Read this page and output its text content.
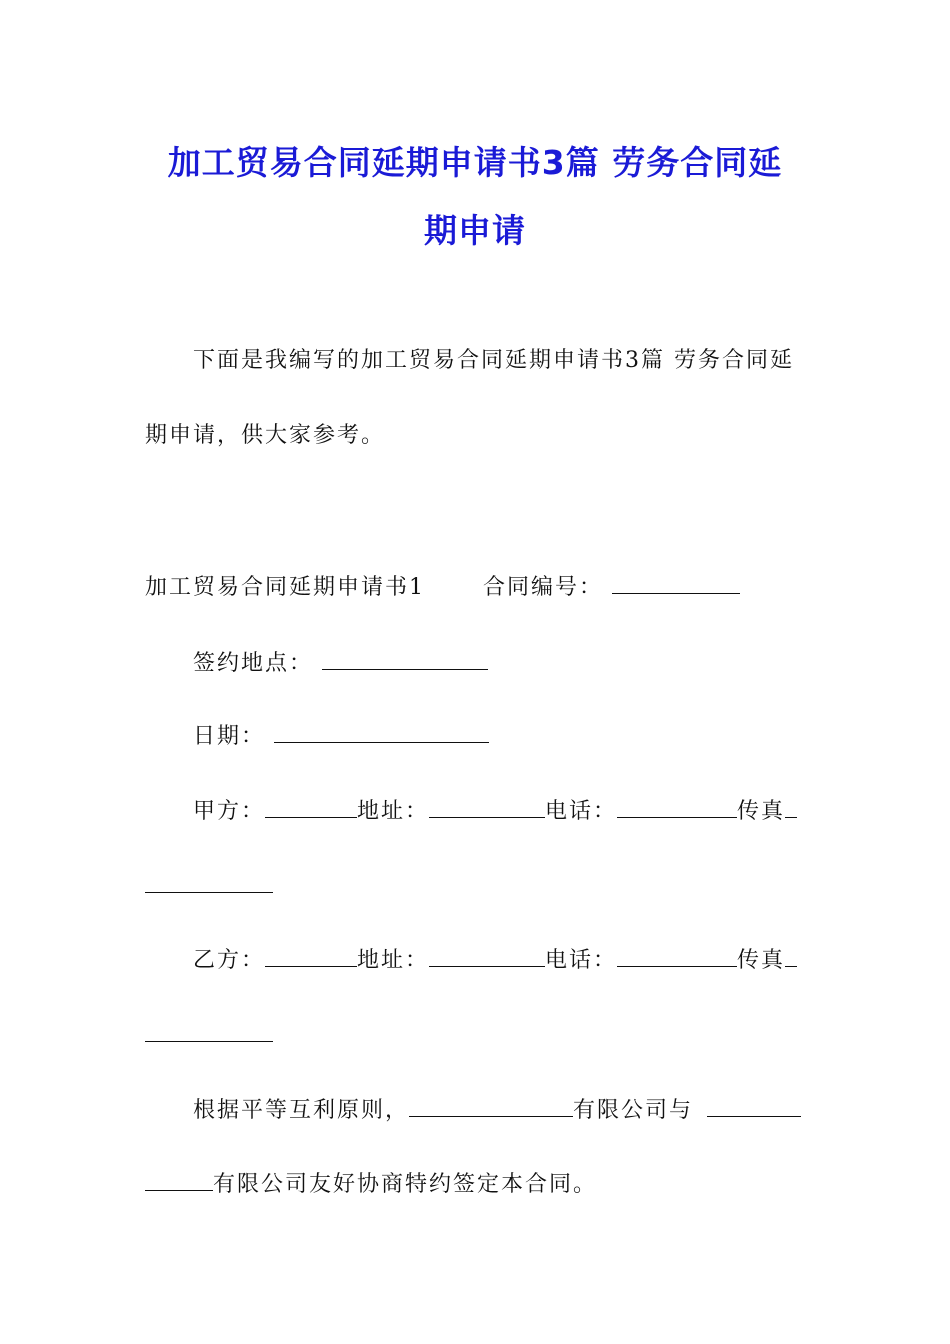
加工贸易合同延期申请书3篇 劳务合同延
期申请
下面是我编写的加工贸易合同延期申请书3篇 劳务合同延
期申请，供大家参考。
加工贸易合同延期申请书1	合同编号：
签约地点：
日期：
甲方：	地址：	电话：	传真
乙方：	地址：	电话：	传真
根据平等互利原则，	有限公司与
有限公司友好协商特约签定本合同。
